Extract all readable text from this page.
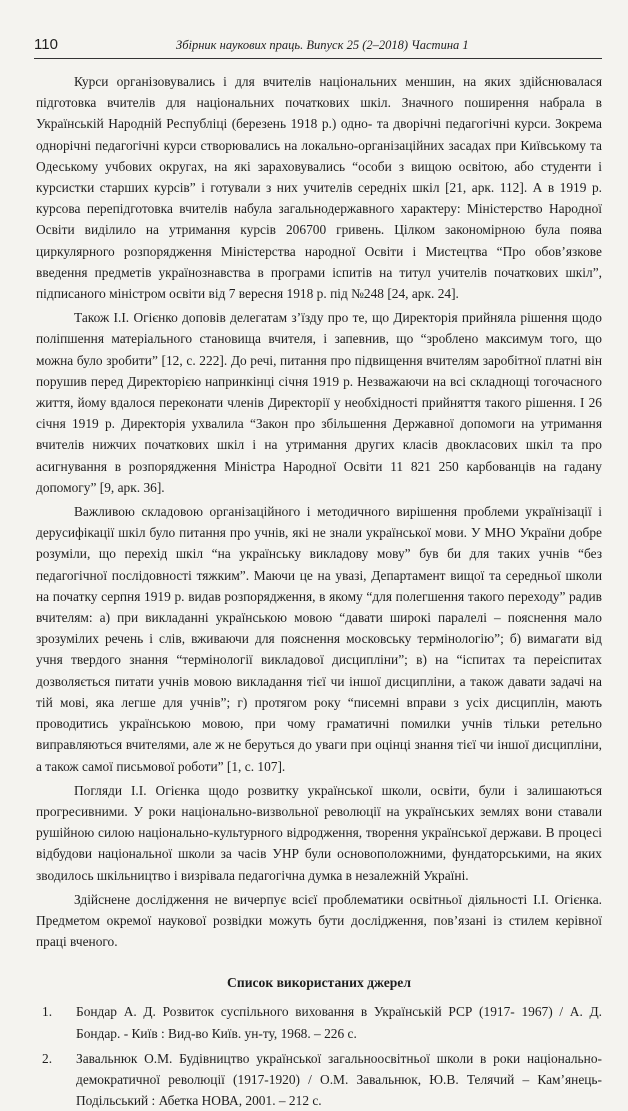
110	Збірник наукових праць. Випуск 25 (2–2018) Частина 1

Курси організовувались і для вчителів національних меншин, на яких здійснювалася підготовка вчителів для національних початкових шкіл. Значного поширення набрала в Українській Народній Республіці (березень 1918 р.) одно- та дворічні педагогічні курси. Зокрема однорічні педагогічні курси створювались на локально-організаційних засадах при Київському та Одеському учбових округах, на які зараховувались “особи з вищою освітою, або студенти і курсистки старших курсів” і готували з них учителів середніх шкіл [21, арк. 112]. А в 1919 р. курсова перепідготовка вчителів набула загальнодержавного характеру: Міністерство Народної Освіти виділило на утримання курсів 206700 гривень. Цілком закономірною була поява циркулярного розпорядження Міністерства народної Освіти і Мистецтва “Про обов’язкове введення предметів українознавства в програми іспитів на титул учителів початкових шкіл”, підписаного міністром освіти від 7 вересня 1918 р. під №248 [24, арк. 24].

Також І.І. Огієнко доповів делегатам з’їзду про те, що Директорія прийняла рішення щодо поліпшення матеріального становища вчителя, і запевнив, що “зроблено максимум того, що можна було зробити” [12, с. 222]. До речі, питання про підвищення вчителям заробітної платні він порушив перед Директорією напринкінці січня 1919 р. Незважаючи на всі складнощі тогочасного життя, йому вдалося переконати членів Директорії у необхідності прийняття такого рішення. І 26 січня 1919 р. Директорія ухвалила “Закон про збільшення Державної допомоги на утримання вчителів нижчих початкових шкіл і на утримання других класів двокласових шкіл та про асигнування в розпорядження Міністра Народної Освіти 11 821 250 карбованців на гадану допомогу” [9, арк. 36].

Важливою складовою організаційного і методичного вирішення проблеми українізації і дерусифікації шкіл було питання про учнів, які не знали української мови. У МНО України добре розуміли, що перехід шкіл “на українську викладову мову” був би для таких учнів “без педагогічної послідовності тяжким”. Маючи це на увазі, Департамент вищої та середньої школи на початку серпня 1919 р. видав розпорядження, в якому “для полегшення такого переходу” радив вчителям: а) при викладанні українською мовою “давати широкі паралелі – пояснення мало зрозумілих речень і слів, вживаючи для пояснення московську термінологію”; б) вимагати від учня твердого знання “термінології викладової дисципліни”; в) на “іспитах та переіспитах дозволяється питати учнів мовою викладання тієї чи іншої дисципліни, а також давати задачі на тій мові, яка легше для учнів”; г) протягом року “писемні вправи з усіх дисциплін, мають проводитись українською мовою, при чому граматичні помилки учнів тільки ретельно виправляються вчителями, але ж не беруться до уваги при оцінці знання тієї чи іншої дисципліни, а також самої письмової роботи” [1, с. 107].

Погляди І.І. Огієнка щодо розвитку української школи, освіти, були і залишаються прогресивними. У роки національно-визвольної революції на українських землях вони ставали рушійною силою національно-культурного відродження, творення української держави. В процесі відбудови національної школи за часів УНР були основоположними, фундаторськими, на яких зводилось шкільництво і визрівала педагогічна думка в незалежній Україні.

Здійснене дослідження не вичерпує всієї проблематики освітньої діяльності І.І. Огієнка. Предметом окремої наукової розвідки можуть бути дослідження, пов’язані із стилем керівної праці вченого.

Список використаних джерел
1.	Бондар А. Д. Розвиток суспільного виховання в Українській РСР (1917- 1967) / А. Д. Бондар. - Київ : Вид-во Київ. ун-ту, 1968. – 226 с.
2.	Завальнюк О.М. Будівництво української загальноосвітньої школи в роки національно-демократичної революції (1917-1920) / О.М. Завальнюк, Ю.В. Телячий – Кам’янець-Подільський : Абетка НОВА, 2001. – 212 с.
